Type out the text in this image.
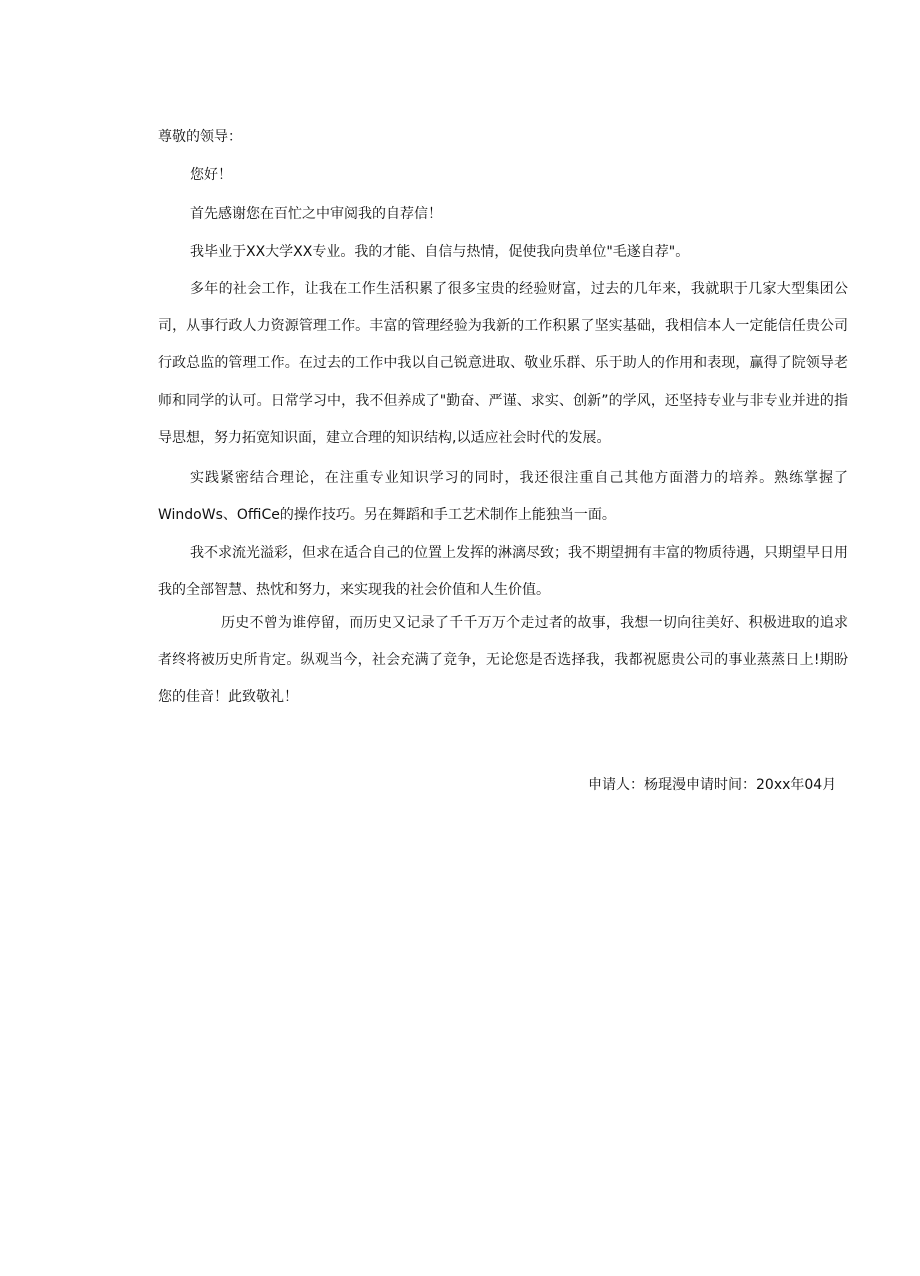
尊敬的领导：
您好！
首先感谢您在百忙之中审阅我的自荐信！
我毕业于XX大学XX专业。我的才能、自信与热情，促使我向贵单位"毛遂自荐"。
多年的社会工作，让我在工作生活积累了很多宝贵的经验财富，过去的几年来，我就职于几家大型集团公司，从事行政人力资源管理工作。丰富的管理经验为我新的工作积累了坚实基础，我相信本人一定能信任贵公司行政总监的管理工作。在过去的工作中我以自己锐意进取、敬业乐群、乐于助人的作用和表现，赢得了院领导老师和同学的认可。日常学习中，我不但养成了"勤奋、严谨、求实、创新”的学风，还坚持专业与非专业并进的指导思想，努力拓宽知识面，建立合理的知识结构,以适应社会时代的发展。
实践紧密结合理论，在注重专业知识学习的同时，我还很注重自己其他方面潜力的培养。熟练掌握了WindoWs、OffiCe的操作技巧。另在舞蹈和手工艺术制作上能独当一面。
我不求流光溢彩，但求在适合自己的位置上发挥的淋漓尽致；我不期望拥有丰富的物质待遇，只期望早日用我的全部智慧、热忱和努力，来实现我的社会价值和人生价值。
历史不曾为谁停留，而历史又记录了千千万万个走过者的故事，我想一切向往美好、积极进取的追求者终将被历史所肯定。纵观当今，社会充满了竞争，无论您是否选择我，我都祝愿贵公司的事业蒸蒸日上!期盼您的佳音！此致敬礼！
申请人：杨琨漫申请时间：20xx年04月
